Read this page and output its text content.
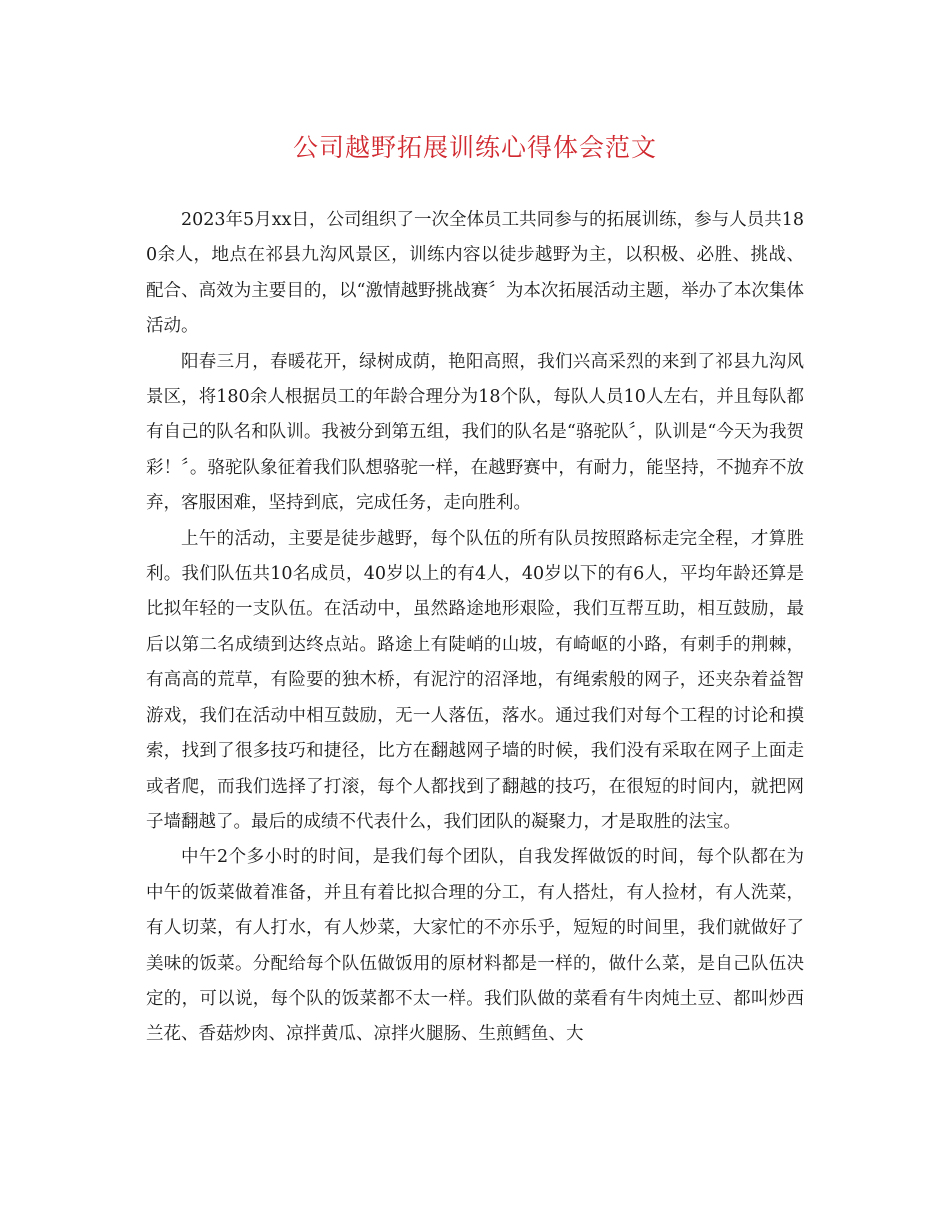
公司越野拓展训练心得体会范文

2023年5月xx日，公司组织了一次全体员工共同参与的拓展训练，参与人员共180余人，地点在祁县九沟风景区，训练内容以徒步越野为主，以积极、必胜、挑战、配合、高效为主要目的，以“激情越野挑战赛〞为本次拓展活动主题，举办了本次集体活动。

阳春三月，春暖花开，绿树成荫，艳阳高照，我们兴高采烈的来到了祁县九沟风景区，将180余人根据员工的年龄合理分为18个队，每队人员10人左右，并且每队都有自己的队名和队训。我被分到第五组，我们的队名是“骆驼队〞，队训是“今天为我贺彩！〞。骆驼队象征着我们队想骆驼一样，在越野赛中，有耐力，能坚持，不抛弃不放弃，客服困难，坚持到底，完成任务，走向胜利。

上午的活动，主要是徒步越野，每个队伍的所有队员按照路标走完全程，才算胜利。我们队伍共10名成员，40岁以上的有4人，40岁以下的有6人，平均年龄还算是比拟年轻的一支队伍。在活动中，虽然路途地形艰险，我们互帮互助，相互鼓励，最后以第二名成绩到达终点站。路途上有陡峭的山坡，有崎岖的小路，有刺手的荆棘，有高高的荒草，有险要的独木桥，有泥泞的沼泽地，有绳索般的网子，还夹杂着益智游戏，我们在活动中相互鼓励，无一人落伍，落水。通过我们对每个工程的讨论和摸索，找到了很多技巧和捷径，比方在翻越网子墙的时候，我们没有采取在网子上面走或者爬，而我们选择了打滚，每个人都找到了翻越的技巧，在很短的时间内，就把网子墙翻越了。最后的成绩不代表什么，我们团队的凝聚力，才是取胜的法宝。

中午2个多小时的时间，是我们每个团队，自我发挥做饭的时间，每个队都在为中午的饭菜做着准备，并且有着比拟合理的分工，有人搭灶，有人捡材，有人洗菜，有人切菜，有人打水，有人炒菜，大家忙的不亦乐乎，短短的时间里，我们就做好了美味的饭菜。分配给每个队伍做饭用的原材料都是一样的，做什么菜，是自己队伍决定的，可以说，每个队的饭菜都不太一样。我们队做的菜看有牛肉炖土豆、都叫炒西兰花、香菇炒肉、凉拌黄瓜、凉拌火腿肠、生煎鳕鱼、大
